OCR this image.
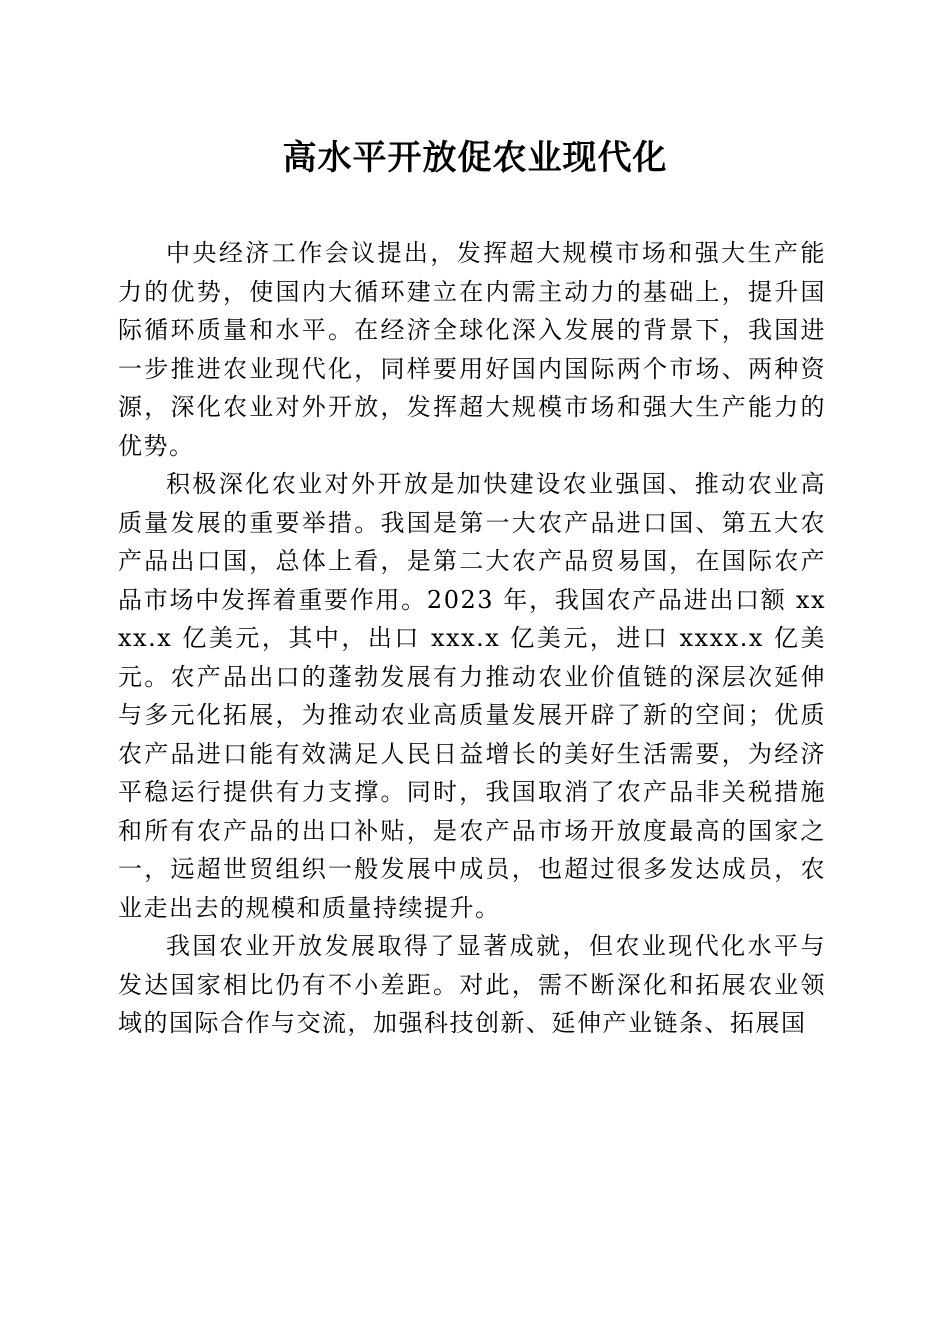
高水平开放促农业现代化

中央经济工作会议提出，发挥超大规模市场和强大生产能力的优势，使国内大循环建立在内需主动力的基础上，提升国际循环质量和水平。在经济全球化深入发展的背景下，我国进一步推进农业现代化，同样要用好国内国际两个市场、两种资源，深化农业对外开放，发挥超大规模市场和强大生产能力的优势。

积极深化农业对外开放是加快建设农业强国、推动农业高质量发展的重要举措。我国是第一大农产品进口国、第五大农产品出口国，总体上看，是第二大农产品贸易国，在国际农产品市场中发挥着重要作用。2023 年，我国农产品进出口额 xxxx.x 亿美元，其中，出口 xxx.x 亿美元，进口 xxxx.x 亿美元。农产品出口的蓬勃发展有力推动农业价值链的深层次延伸与多元化拓展，为推动农业高质量发展开辟了新的空间；优质农产品进口能有效满足人民日益增长的美好生活需要，为经济平稳运行提供有力支撑。同时，我国取消了农产品非关税措施和所有农产品的出口补贴，是农产品市场开放度最高的国家之一，远超世贸组织一般发展中成员，也超过很多发达成员，农业走出去的规模和质量持续提升。

我国农业开放发展取得了显著成就，但农业现代化水平与发达国家相比仍有不小差距。对此，需不断深化和拓展农业领域的国际合作与交流，加强科技创新、延伸产业链条、拓展国
